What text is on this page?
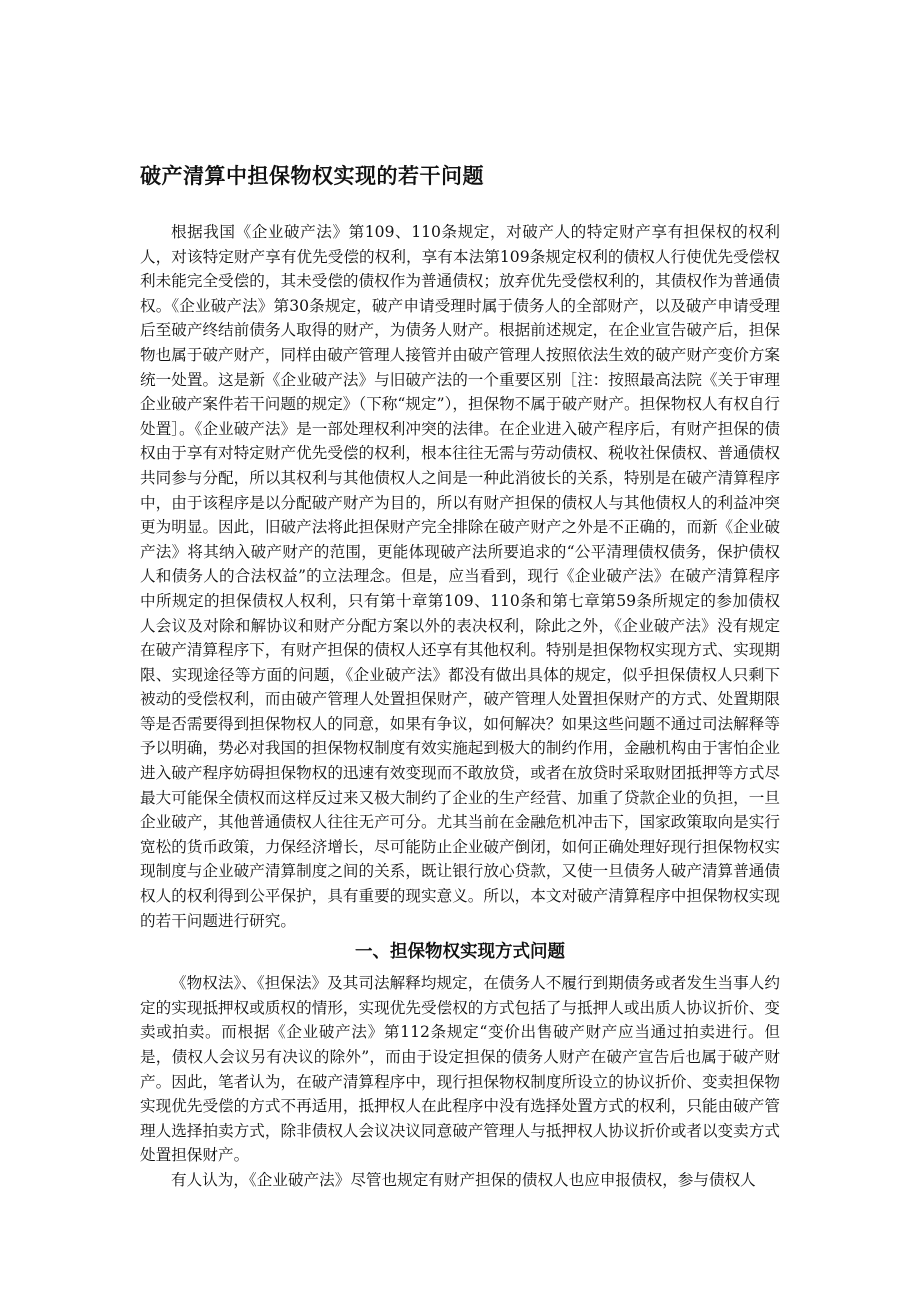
破产清算中担保物权实现的若干问题

根据我国《企业破产法》第109、110条规定，对破产人的特定财产享有担保权的权利人，对该特定财产享有优先受偿的权利，享有本法第109条规定权利的债权人行使优先受偿权利未能完全受偿的，其未受偿的债权作为普通债权；放弃优先受偿权利的，其债权作为普通债权。《企业破产法》第30条规定，破产申请受理时属于债务人的全部财产，以及破产申请受理后至破产终结前债务人取得的财产，为债务人财产。根据前述规定，在企业宣告破产后，担保物也属于破产财产，同样由破产管理人接管并由破产管理人按照依法生效的破产财产变价方案统一处置。这是新《企业破产法》与旧破产法的一个重要区别［注：按照最高法院《关于审理企业破产案件若干问题的规定》（下称“规定”），担保物不属于破产财产。担保物权人有权自行处置］。《企业破产法》是一部处理权利冲突的法律。在企业进入破产程序后，有财产担保的债权由于享有对特定财产优先受偿的权利，根本往往无需与劳动债权、税收社保债权、普通债权共同参与分配，所以其权利与其他债权人之间是一种此消彼长的关系，特别是在破产清算程序中，由于该程序是以分配破产财产为目的，所以有财产担保的债权人与其他债权人的利益冲突更为明显。因此，旧破产法将此担保财产完全排除在破产财产之外是不正确的，而新《企业破产法》将其纳入破产财产的范围，更能体现破产法所要追求的“公平清理债权债务，保护债权人和债务人的合法权益”的立法理念。但是，应当看到，现行《企业破产法》在破产清算程序中所规定的担保债权人权利，只有第十章第109、110条和第七章第59条所规定的参加债权人会议及对除和解协议和财产分配方案以外的表决权利，除此之外，《企业破产法》没有规定在破产清算程序下，有财产担保的债权人还享有其他权利。特别是担保物权实现方式、实现期限、实现途径等方面的问题，《企业破产法》都没有做出具体的规定，似乎担保债权人只剩下被动的受偿权利，而由破产管理人处置担保财产，破产管理人处置担保财产的方式、处置期限等是否需要得到担保物权人的同意，如果有争议，如何解决？如果这些问题不通过司法解释等予以明确，势必对我国的担保物权制度有效实施起到极大的制约作用，金融机构由于害怕企业进入破产程序妨碍担保物权的迅速有效变现而不敢放贷，或者在放贷时采取财团抵押等方式尽最大可能保全债权而这样反过来又极大制约了企业的生产经营、加重了贷款企业的负担，一旦企业破产，其他普通债权人往往无产可分。尤其当前在金融危机冲击下，国家政策取向是实行宽松的货币政策，力保经济增长，尽可能防止企业破产倒闭，如何正确处理好现行担保物权实现制度与企业破产清算制度之间的关系，既让银行放心贷款，又使一旦债务人破产清算普通债权人的权利得到公平保护，具有重要的现实意义。所以，本文对破产清算程序中担保物权实现的若干问题进行研究。

一、担保物权实现方式问题

《物权法》、《担保法》及其司法解释均规定，在债务人不履行到期债务或者发生当事人约定的实现抵押权或质权的情形，实现优先受偿权的方式包括了与抵押人或出质人协议折价、变卖或拍卖。而根据《企业破产法》第112条规定“变价出售破产财产应当通过拍卖进行。但是，债权人会议另有决议的除外”，而由于设定担保的债务人财产在破产宣告后也属于破产财产。因此，笔者认为，在破产清算程序中，现行担保物权制度所设立的协议折价、变卖担保物实现优先受偿的方式不再适用，抵押权人在此程序中没有选择处置方式的权利，只能由破产管理人选择拍卖方式，除非债权人会议决议同意破产管理人与抵押权人协议折价或者以变卖方式处置担保财产。

有人认为，《企业破产法》尽管也规定有财产担保的债权人也应申报债权，参与债权人
